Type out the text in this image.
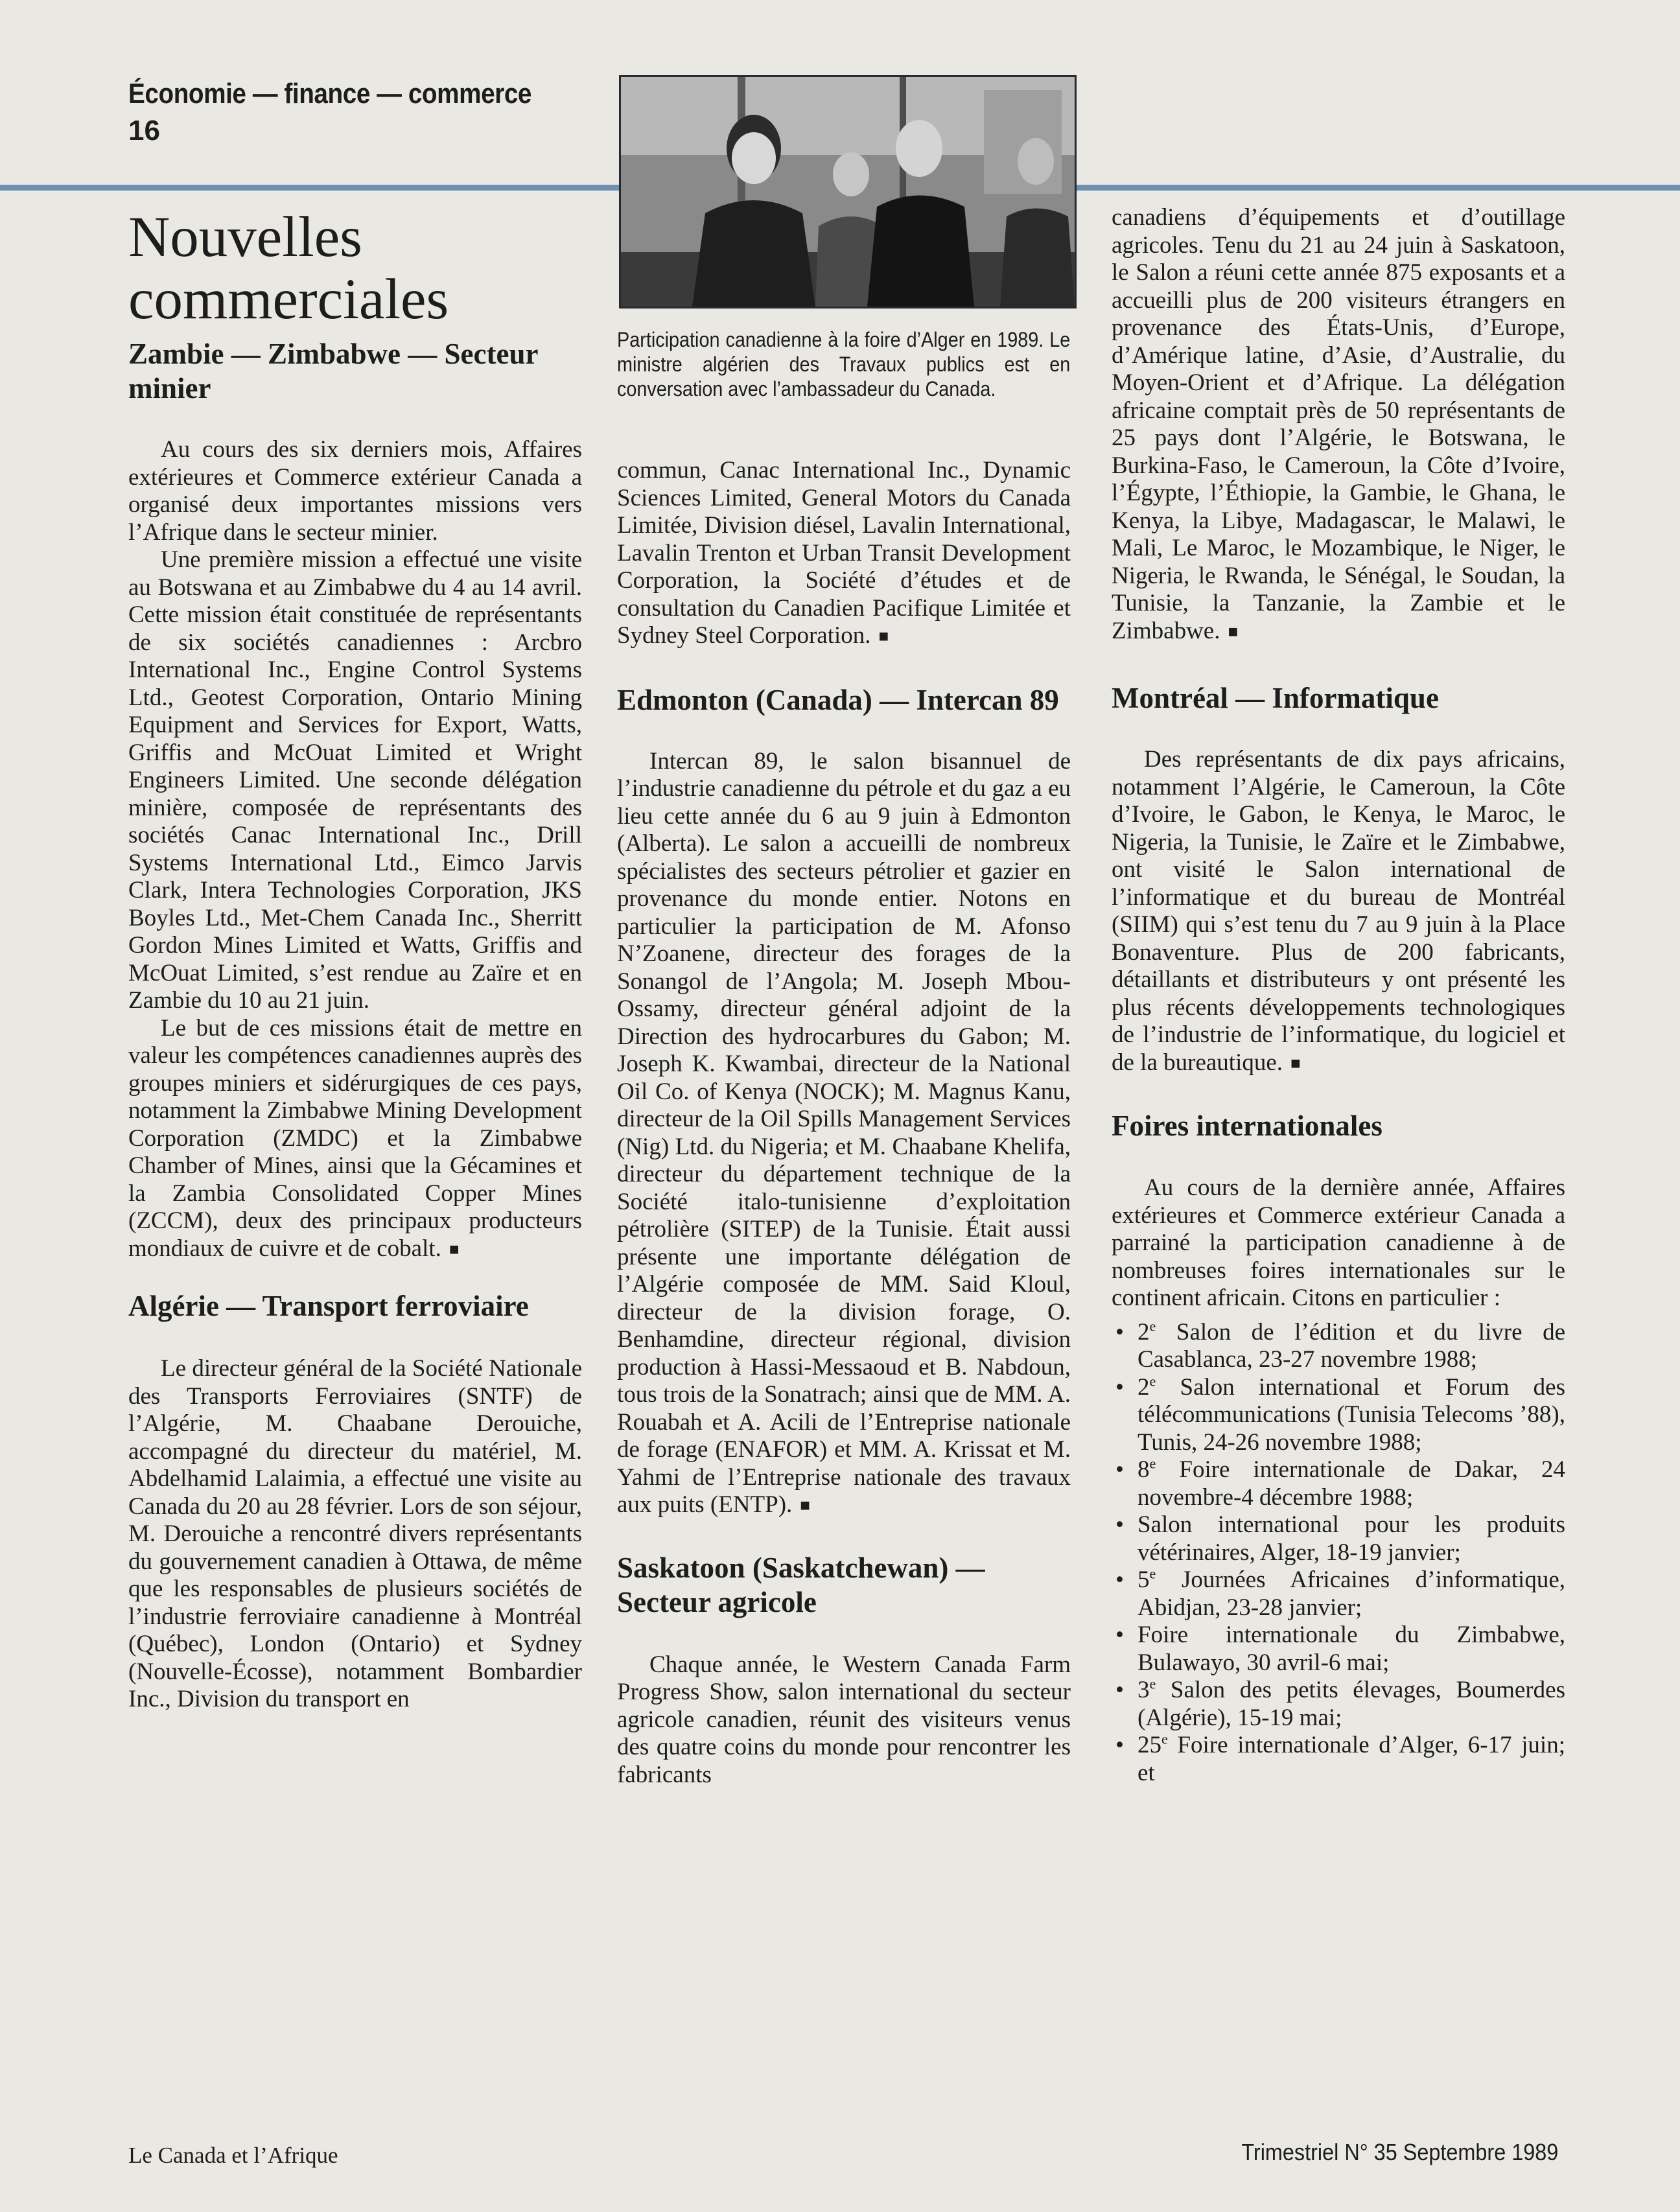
Économie — finance — commerce
16
Nouvelles
commerciales
Participation canadienne à la foire d’Alger en 1989. Le ministre algérien des Travaux publics est en conversation avec l’ambassadeur du Canada.
Zambie — Zimbabwe — Secteur minier

Au cours des six derniers mois, Affaires extérieures et Commerce extérieur Canada a organisé deux importantes missions vers l’Afrique dans le secteur minier.

Une première mission a effectué une visite au Botswana et au Zimbabwe du 4 au 14 avril. Cette mission était constituée de représentants de six sociétés canadiennes : Arcbro International Inc., Engine Control Systems Ltd., Geotest Corporation, Ontario Mining Equipment and Services for Export, Watts, Griffis and McOuat Limited et Wright Engineers Limited. Une seconde délégation minière, composée de représentants des sociétés Canac International Inc., Drill Systems International Ltd., Eimco Jarvis Clark, Intera Technologies Corporation, JKS Boyles Ltd., Met-Chem Canada Inc., Sherritt Gordon Mines Limited et Watts, Griffis and McOuat Limited, s’est rendue au Zaïre et en Zambie du 10 au 21 juin.

Le but de ces missions était de mettre en valeur les compétences canadiennes auprès des groupes miniers et sidérurgiques de ces pays, notamment la Zimbabwe Mining Development Corporation (ZMDC) et la Zimbabwe Chamber of Mines, ainsi que la Gécamines et la Zambia Consolidated Copper Mines (ZCCM), deux des principaux producteurs mondiaux de cuivre et de cobalt. ■

Algérie — Transport ferroviaire

Le directeur général de la Société Nationale des Transports Ferroviaires (SNTF) de l’Algérie, M. Chaabane Derouiche, accompagné du directeur du matériel, M. Abdelhamid Lalaimia, a effectué une visite au Canada du 20 au 28 février. Lors de son séjour, M. Derouiche a rencontré divers représentants du gouvernement canadien à Ottawa, de même que les responsables de plusieurs sociétés de l’industrie ferroviaire canadienne à Montréal (Québec), London (Ontario) et Sydney (Nouvelle-Écosse), notamment Bombardier Inc., Division du transport en

commun, Canac International Inc., Dynamic Sciences Limited, General Motors du Canada Limitée, Division diésel, Lavalin International, Lavalin Trenton et Urban Transit Development Corporation, la Société d’études et de consultation du Canadien Pacifique Limitée et Sydney Steel Corporation. ■

Edmonton (Canada) — Intercan 89

Intercan 89, le salon bisannuel de l’industrie canadienne du pétrole et du gaz a eu lieu cette année du 6 au 9 juin à Edmonton (Alberta). Le salon a accueilli de nombreux spécialistes des secteurs pétrolier et gazier en provenance du monde entier. Notons en particulier la participation de M. Afonso N’Zoanene, directeur des forages de la Sonangol de l’Angola; M. Joseph Mbou-Ossamy, directeur général adjoint de la Direction des hydrocarbures du Gabon; M. Joseph K. Kwambai, directeur de la National Oil Co. of Kenya (NOCK); M. Magnus Kanu, directeur de la Oil Spills Management Services (Nig) Ltd. du Nigeria; et M. Chaabane Khelifa, directeur du département technique de la Société italo-tunisienne d’exploitation pétrolière (SITEP) de la Tunisie. Était aussi présente une importante délégation de l’Algérie composée de MM. Said Kloul, directeur de la division forage, O. Benhamdine, directeur régional, division production à Hassi-Messaoud et B. Nabdoun, tous trois de la Sonatrach; ainsi que de MM. A. Rouabah et A. Acili de l’Entreprise nationale de forage (ENAFOR) et MM. A. Krissat et M. Yahmi de l’Entreprise nationale des travaux aux puits (ENTP). ■

Saskatoon (Saskatchewan) — Secteur agricole

Chaque année, le Western Canada Farm Progress Show, salon international du secteur agricole canadien, réunit des visiteurs venus des quatre coins du monde pour rencontrer les fabricants

canadiens d’équipements et d’outillage agricoles. Tenu du 21 au 24 juin à Saskatoon, le Salon a réuni cette année 875 exposants et a accueilli plus de 200 visiteurs étrangers en provenance des États-Unis, d’Europe, d’Amérique latine, d’Asie, d’Australie, du Moyen-Orient et d’Afrique. La délégation africaine comptait près de 50 représentants de 25 pays dont l’Algérie, le Botswana, le Burkina-Faso, le Cameroun, la Côte d’Ivoire, l’Égypte, l’Éthiopie, la Gambie, le Ghana, le Kenya, la Libye, Madagascar, le Malawi, le Mali, Le Maroc, le Mozambique, le Niger, le Nigeria, le Rwanda, le Sénégal, le Soudan, la Tunisie, la Tanzanie, la Zambie et le Zimbabwe. ■

Montréal — Informatique

Des représentants de dix pays africains, notamment l’Algérie, le Cameroun, la Côte d’Ivoire, le Gabon, le Kenya, le Maroc, le Nigeria, la Tunisie, le Zaïre et le Zimbabwe, ont visité le Salon international de l’informatique et du bureau de Montréal (SIIM) qui s’est tenu du 7 au 9 juin à la Place Bonaventure. Plus de 200 fabricants, détaillants et distributeurs y ont présenté les plus récents développements technologiques de l’industrie de l’informatique, du logiciel et de la bureautique. ■

Foires internationales

Au cours de la dernière année, Affaires extérieures et Commerce extérieur Canada a parrainé la participation canadienne à de nombreuses foires internationales sur le continent africain. Citons en particulier :

• 2e Salon de l’édition et du livre de Casablanca, 23-27 novembre 1988;
• 2e Salon international et Forum des télécommunications (Tunisia Telecoms ’88), Tunis, 24-26 novembre 1988;
• 8e Foire internationale de Dakar, 24 novembre-4 décembre 1988;
• Salon international pour les produits vétérinaires, Alger, 18-19 janvier;
• 5e Journées Africaines d’informatique, Abidjan, 23-28 janvier;
• Foire internationale du Zimbabwe, Bulawayo, 30 avril-6 mai;
• 3e Salon des petits élevages, Boumerdes (Algérie), 15-19 mai;
• 25e Foire internationale d’Alger, 6-17 juin; et
Le Canada et l’Afrique	Trimestriel N° 35 Septembre 1989
